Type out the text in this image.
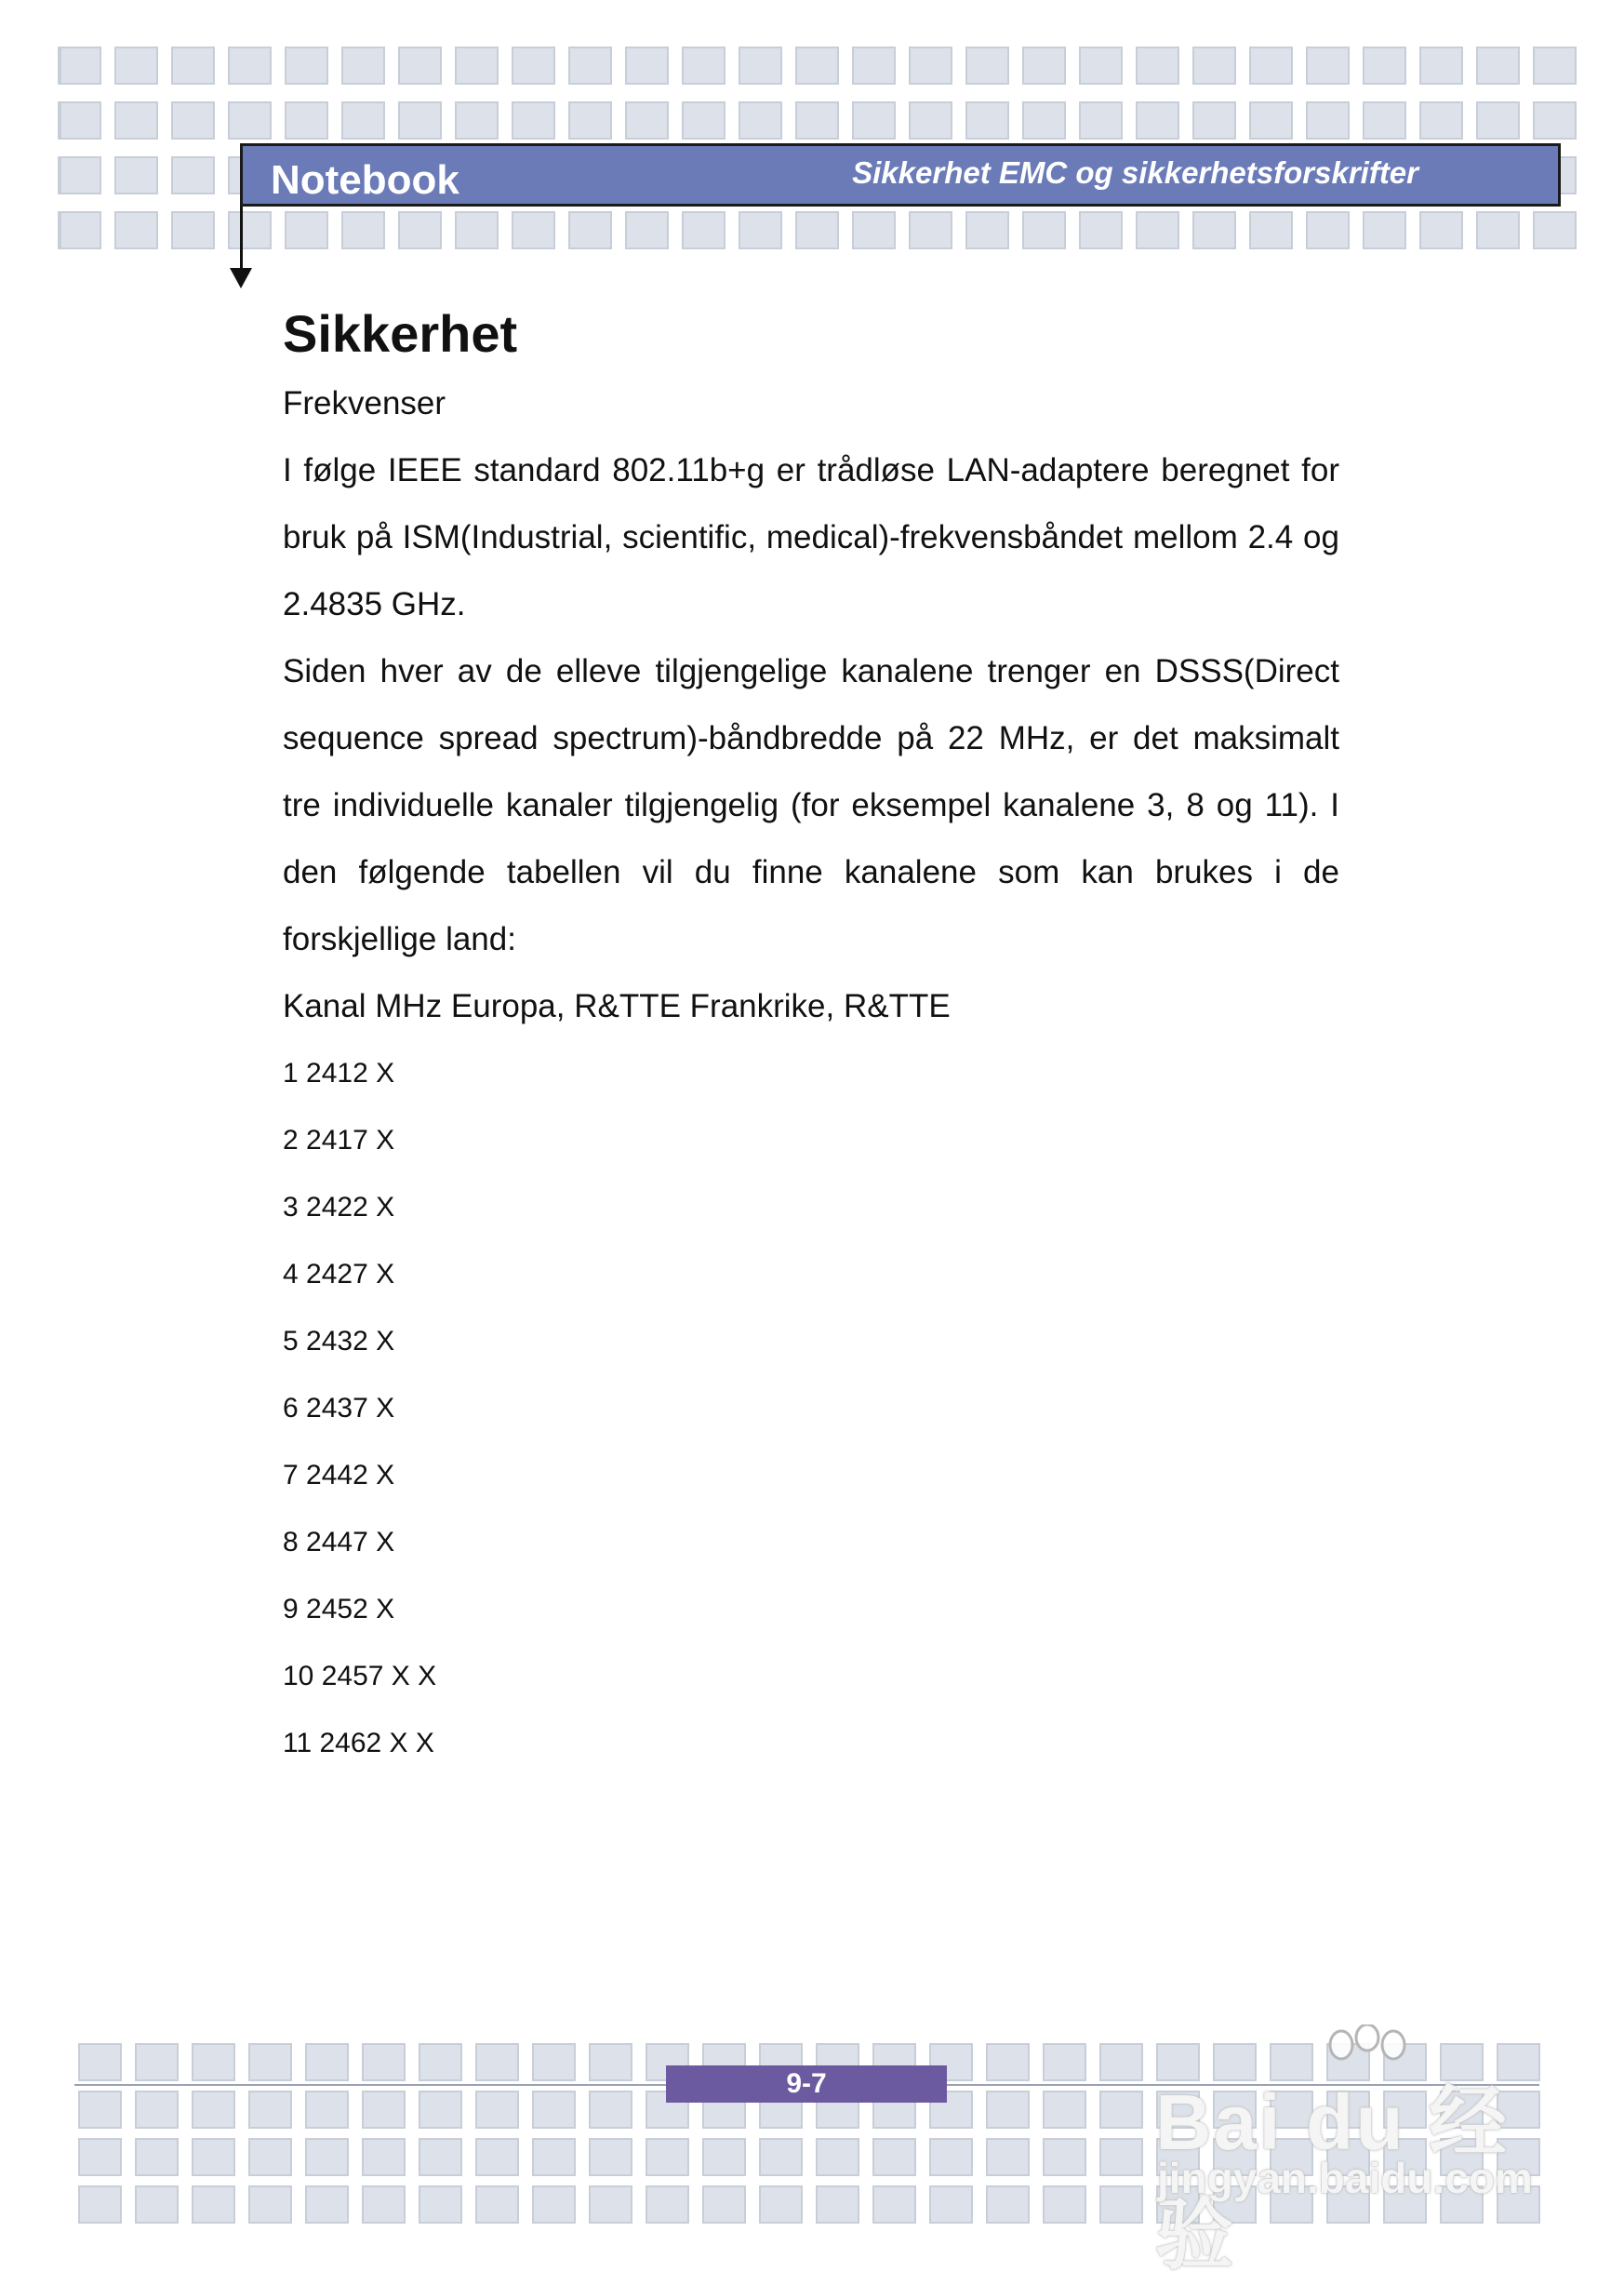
Notebook	Sikkerhet EMC og sikkerhetsforskrifter
Sikkerhet

Frekvenser

I følge IEEE standard 802.11b+g er trådløse LAN-adaptere beregnet for bruk på ISM(Industrial, scientific, medical)-frekvensbåndet mellom 2.4 og 2.4835 GHz.

Siden hver av de elleve tilgjengelige kanalene trenger en DSSS(Direct sequence spread spectrum)-båndbredde på 22 MHz, er det maksimalt tre individuelle kanaler tilgjengelig (for eksempel kanalene 3, 8 og 11). I den følgende tabellen vil du finne kanalene som kan brukes i de forskjellige land:

Kanal MHz Europa, R&TTE Frankrike, R&TTE

1 2412 X

2 2417 X

3 2422 X

4 2427 X

5 2432 X

6 2437 X

7 2442 X

8 2447 X

9 2452 X

10 2457 X X

11 2462 X X

9-7	Bai du 经验
jingyan.baidu.com
